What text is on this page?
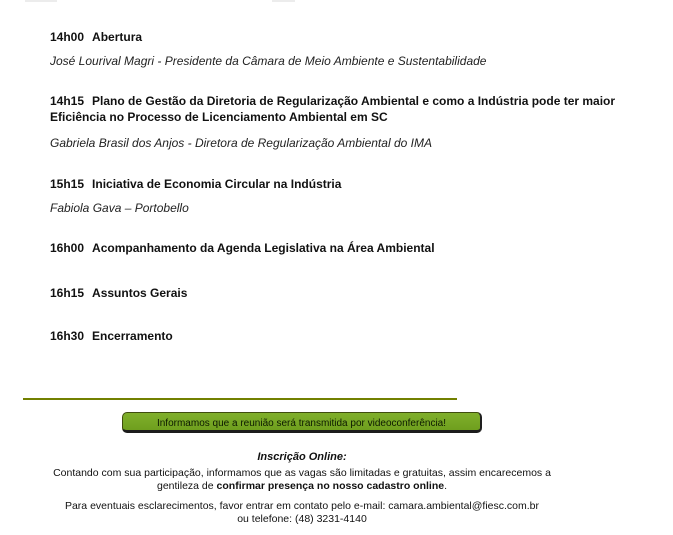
14h00 Abertura

José Lourival Magri - Presidente da Câmara de Meio Ambiente e Sustentabilidade

14h15 Plano de Gestão da Diretoria de Regularização Ambiental e como a Indústria pode ter maior Eficiência no Processo de Licenciamento Ambiental em SC

Gabriela Brasil dos Anjos - Diretora de Regularização Ambiental do IMA

15h15 Iniciativa de Economia Circular na Indústria

Fabiola Gava – Portobello

16h00 Acompanhamento da Agenda Legislativa na Área Ambiental

16h15 Assuntos Gerais

16h30 Encerramento

Informamos que a reunião será transmitida por videoconferência!

Inscrição Online:

Contando com sua participação, informamos que as vagas são limitadas e gratuitas, assim encarecemos a
gentileza de confirmar presença no nosso cadastro online.

Para eventuais esclarecimentos, favor entrar em contato pelo e-mail: camara.ambiental@fiesc.com.br
ou telefone: (48) 3231-4140
